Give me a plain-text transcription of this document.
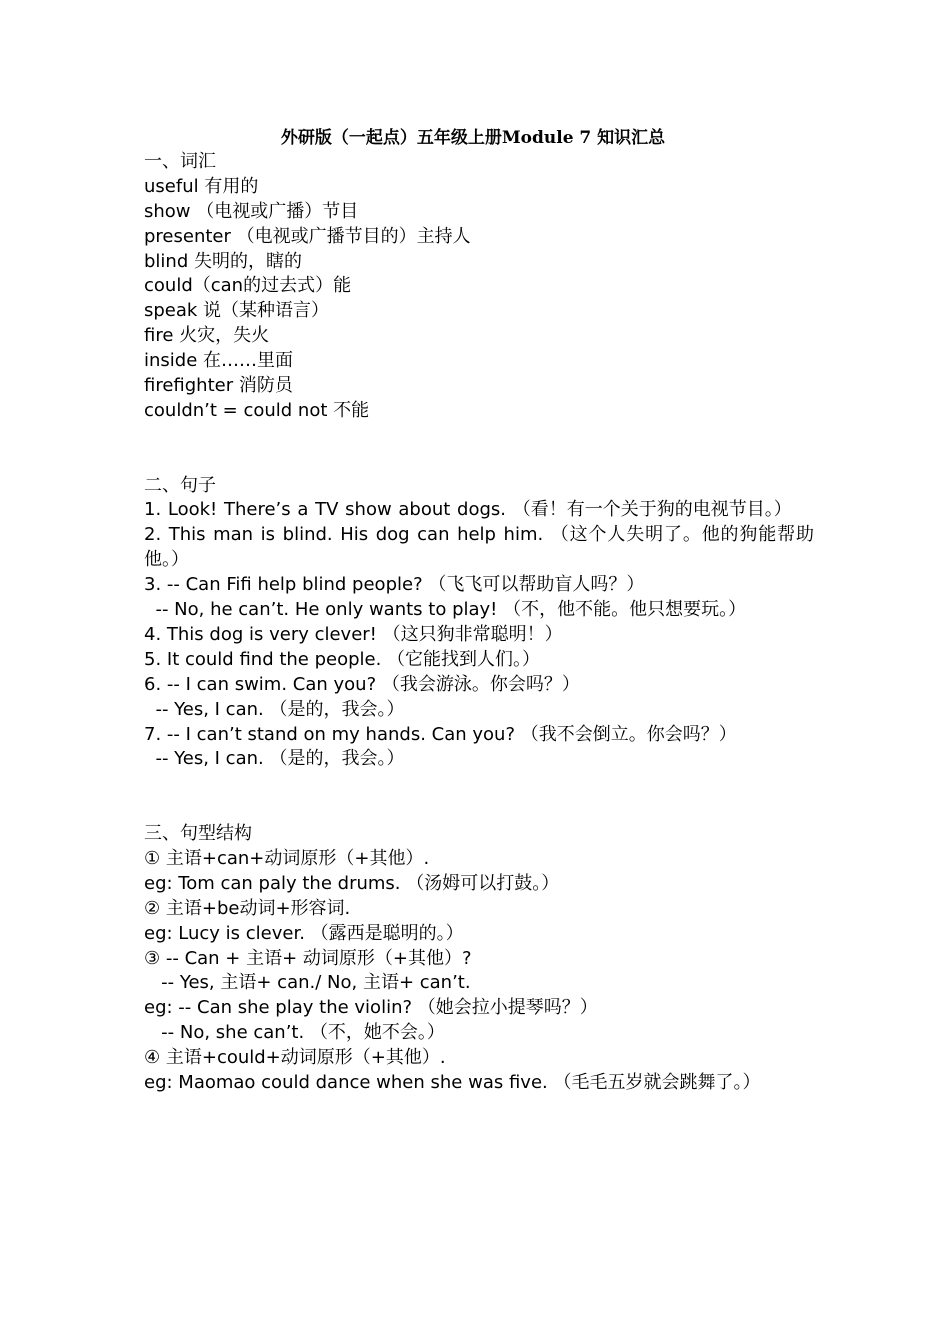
外研版（一起点）五年级上册Module 7 知识汇总
一、词汇
useful 有用的
show （电视或广播）节目
presenter （电视或广播节目的）主持人
blind 失明的，瞎的
could（can的过去式）能
speak 说（某种语言）
fire 火灾，失火
inside 在……里面
firefighter 消防员
couldn’t = could not 不能
二、句子
1. Look! There’s a TV show about dogs. （看！有一个关于狗的电视节目。）
2. This man is blind. His dog can help him. （这个人失明了。他的狗能帮助他。）
3. -- Can Fifi help blind people? （飞飞可以帮助盲人吗？）
-- No, he can’t. He only wants to play! （不，他不能。他只想要玩。）
4. This dog is very clever! （这只狗非常聪明！）
5. It could find the people. （它能找到人们。）
6. -- I can swim. Can you? （我会游泳。你会吗？）
-- Yes, I can. （是的，我会。）
7. -- I can’t stand on my hands. Can you? （我不会倒立。你会吗？）
-- Yes, I can. （是的，我会。）
三、句型结构
① 主语+can+动词原形（+其他）.
eg: Tom can paly the drums. （汤姆可以打鼓。）
② 主语+be动词+形容词.
eg: Lucy is clever. （露西是聪明的。）
③ -- Can + 主语+ 动词原形（+其他）?
-- Yes, 主语+ can./ No, 主语+ can’t.
eg: -- Can she play the violin? （她会拉小提琴吗？）
-- No, she can’t. （不，她不会。）
④ 主语+could+动词原形（+其他）.
eg: Maomao could dance when she was five. （毛毛五岁就会跳舞了。）
